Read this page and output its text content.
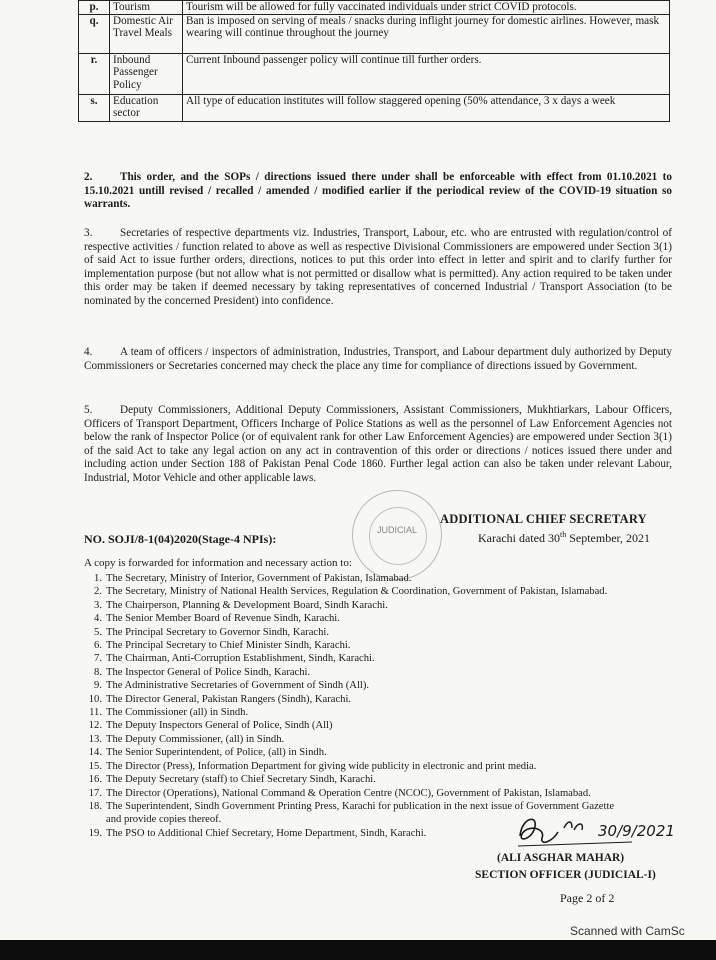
p.	Tourism	Tourism will be allowed for fully vaccinated individuals under strict COVID protocols.
q.	Domestic Air Travel Meals	Ban is imposed on serving of meals / snacks during inflight journey for domestic airlines. However, mask wearing will continue throughout the journey
r.	Inbound Passenger Policy	Current Inbound passenger policy will continue till further orders.
s.	Education sector	All type of education institutes will follow staggered opening (50% attendance, 3 x days a week
2. This order, and the SOPs / directions issued there under shall be enforceable with effect from 01.10.2021 to 15.10.2021 untill revised / recalled / amended / modified earlier if the periodical review of the COVID-19 situation so warrants.
3. Secretaries of respective departments viz. Industries, Transport, Labour, etc. who are entrusted with regulation/control of respective activities / function related to above as well as respective Divisional Commissioners are empowered under Section 3(1) of said Act to issue further orders, directions, notices to put this order into effect in letter and spirit and to clarify further for implementation purpose (but not allow what is not permitted or disallow what is permitted). Any action required to be taken under this order may be taken if deemed necessary by taking representatives of concerned Industrial / Transport Association (to be nominated by the concerned President) into confidence.
4. A team of officers / inspectors of administration, Industries, Transport, and Labour department duly authorized by Deputy Commissioners or Secretaries concerned may check the place any time for compliance of directions issued by Government.
5. Deputy Commissioners, Additional Deputy Commissioners, Assistant Commissioners, Mukhtiarkars, Labour Officers, Officers of Transport Department, Officers Incharge of Police Stations as well as the personnel of Law Enforcement Agencies not below the rank of Inspector Police (or of equivalent rank for other Law Enforcement Agencies) are empowered under Section 3(1) of the said Act to take any legal action on any act in contravention of this order or directions / notices issued there under and including action under Section 188 of Pakistan Penal Code 1860. Further legal action can also be taken under relevant Labour, Industrial, Motor Vehicle and other applicable laws.
JUDICIAL
ADDITIONAL CHIEF SECRETARY
NO. SOJI/8-1(04)2020(Stage-4 NPIs):	Karachi dated 30th September, 2021
A copy is forwarded for information and necessary action to:
1. The Secretary, Ministry of Interior, Government of Pakistan, Islamabad.
2. The Secretary, Ministry of National Health Services, Regulation & Coordination, Government of Pakistan, Islamabad.
3. The Chairperson, Planning & Development Board, Sindh Karachi.
4. The Senior Member Board of Revenue Sindh, Karachi.
5. The Principal Secretary to Governor Sindh, Karachi.
6. The Principal Secretary to Chief Minister Sindh, Karachi.
7. The Chairman, Anti-Corruption Establishment, Sindh, Karachi.
8. The Inspector General of Police Sindh, Karachi.
9. The Administrative Secretaries of Government of Sindh (All).
10. The Director General, Pakistan Rangers (Sindh), Karachi.
11. The Commissioner (all) in Sindh.
12. The Deputy Inspectors General of Police, Sindh (All)
13. The Deputy Commissioner, (all) in Sindh.
14. The Senior Superintendent, of Police, (all) in Sindh.
15. The Director (Press), Information Department for giving wide publicity in electronic and print media.
16. The Deputy Secretary (staff) to Chief Secretary Sindh, Karachi.
17. The Director (Operations), National Command & Operation Centre (NCOC), Government of Pakistan, Islamabad.
18. The Superintendent, Sindh Government Printing Press, Karachi for publication in the next issue of Government Gazette
and provide copies thereof.
19. The PSO to Additional Chief Secretary, Home Department, Sindh, Karachi.	30/9/2021
(ALI ASGHAR MAHAR)
SECTION OFFICER (JUDICIAL-I)
Page 2 of 2
Scanned with CamSc
